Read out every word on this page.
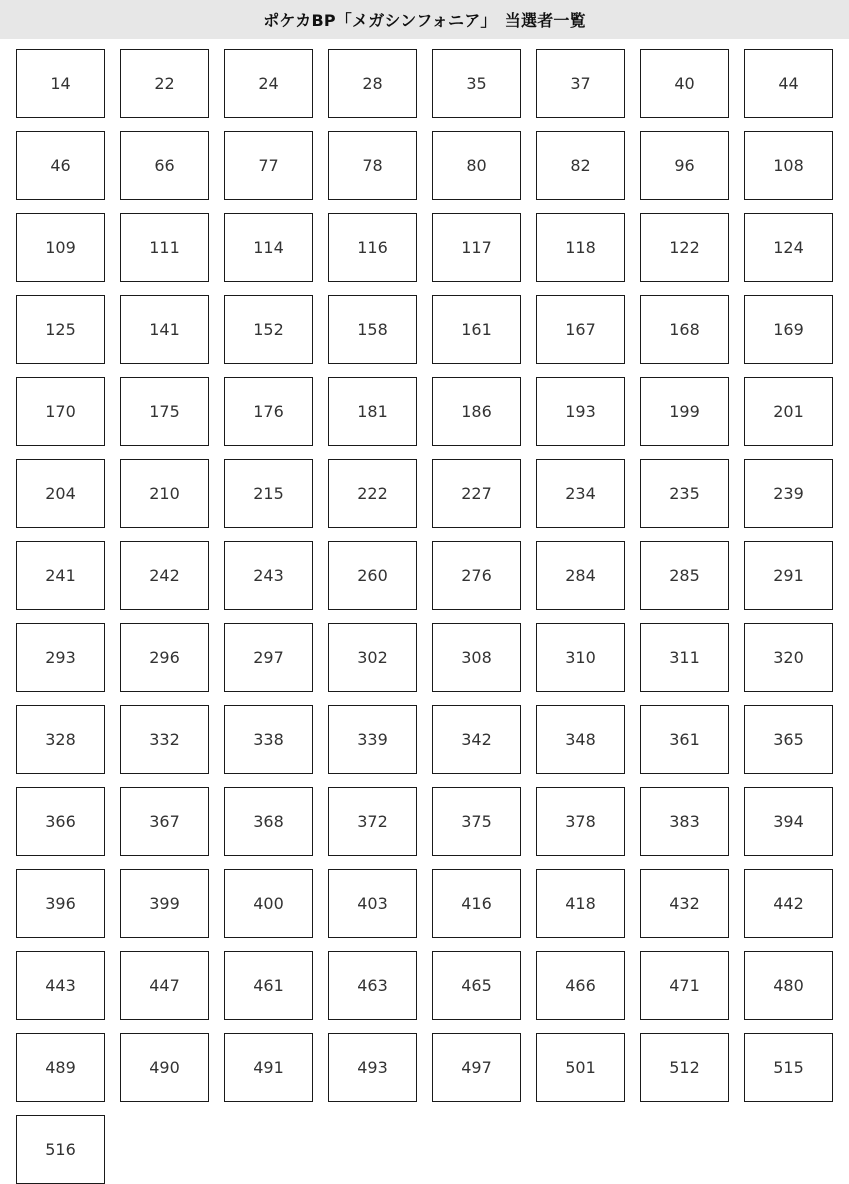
ポケカBP「メガシンフォニア」　当選者一覧
14	22	24	28	35	37	40	44
46	66	77	78	80	82	96	108
109	111	114	116	117	118	122	124
125	141	152	158	161	167	168	169
170	175	176	181	186	193	199	201
204	210	215	222	227	234	235	239
241	242	243	260	276	284	285	291
293	296	297	302	308	310	311	320
328	332	338	339	342	348	361	365
366	367	368	372	375	378	383	394
396	399	400	403	416	418	432	442
443	447	461	463	465	466	471	480
489	490	491	493	497	501	512	515
516
